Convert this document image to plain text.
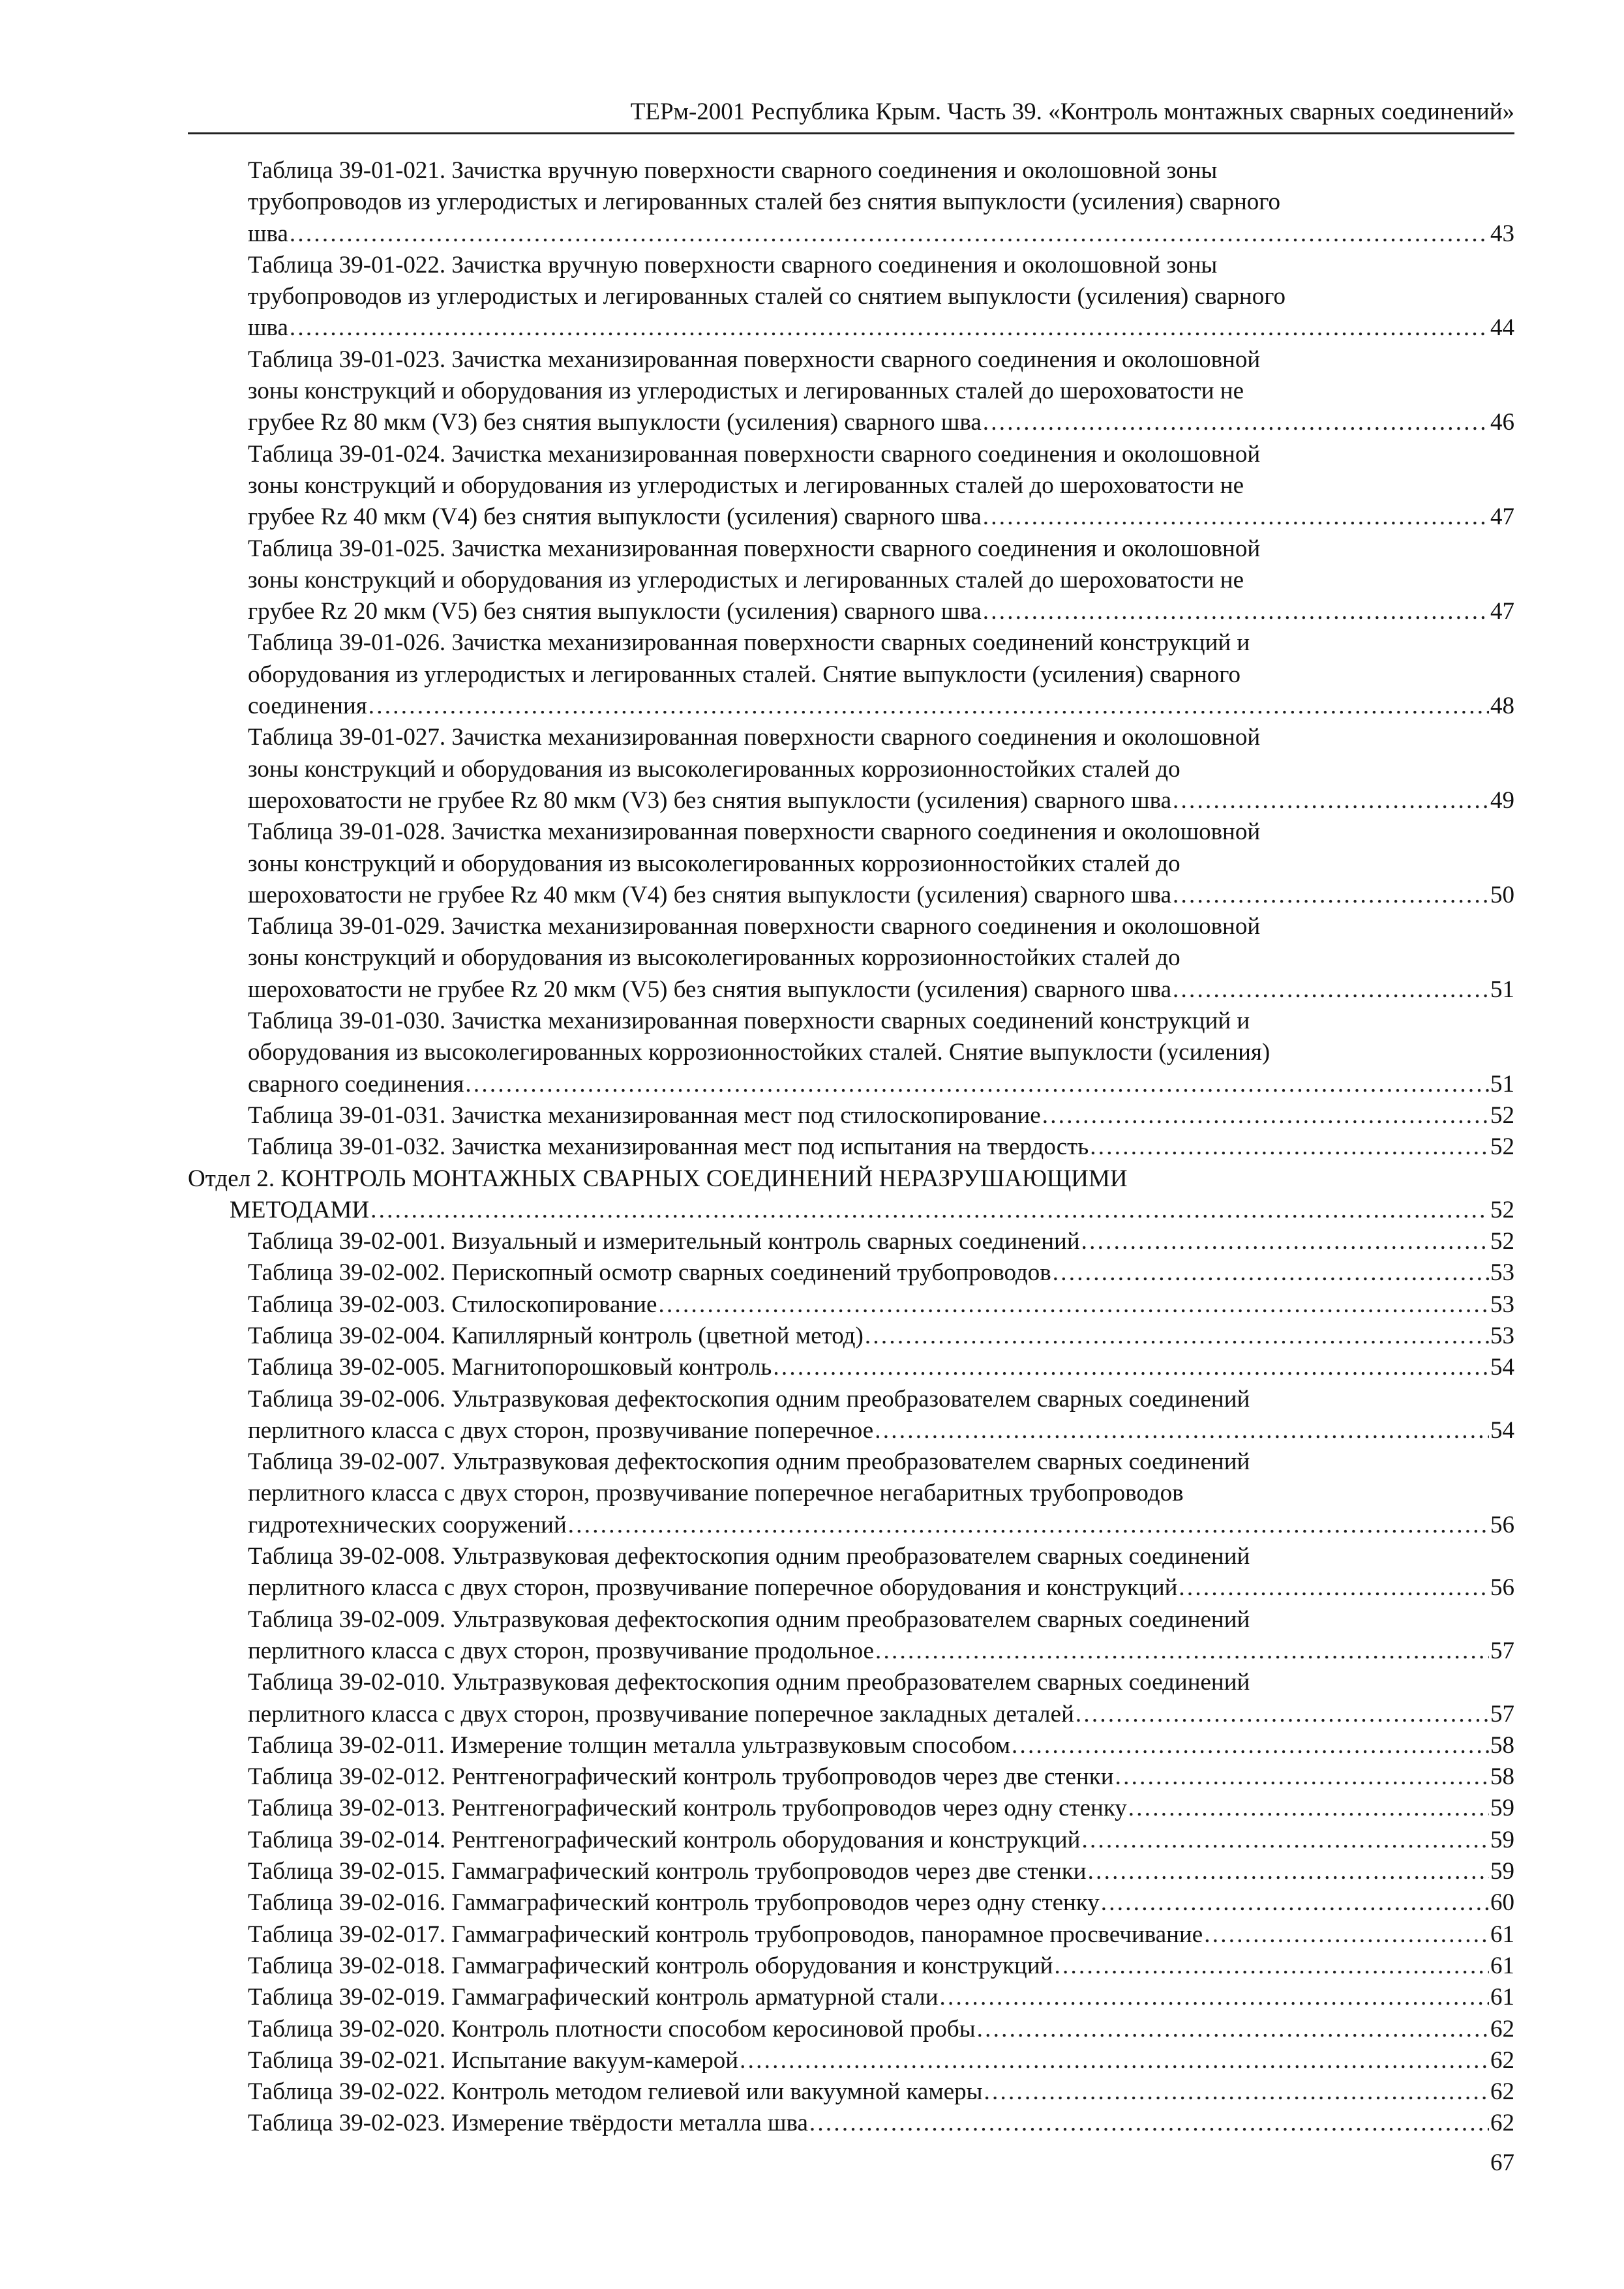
ТЕРм-2001 Республика Крым. Часть 39. «Контроль монтажных сварных соединений»
Таблица 39-01-021. Зачистка вручную поверхности сварного соединения и околошовной зоны
трубопроводов из углеродистых и легированных сталей без снятия выпуклости (усиления) сварного
шва . . .	43
Таблица 39-01-022. Зачистка вручную поверхности сварного соединения и околошовной зоны
трубопроводов из углеродистых и легированных сталей со снятием выпуклости (усиления) сварного
шва . . .	44
Таблица 39-01-023. Зачистка механизированная поверхности сварного соединения и околошовной
зоны конструкций и оборудования из углеродистых и легированных сталей до шероховатости не
грубее Rz 80 мкм (V3) без снятия выпуклости (усиления) сварного шва . . .	46
Таблица 39-01-024. Зачистка механизированная поверхности сварного соединения и околошовной
зоны конструкций и оборудования из углеродистых и легированных сталей до шероховатости не
грубее Rz 40 мкм (V4) без снятия выпуклости (усиления) сварного шва . . .	47
Таблица 39-01-025. Зачистка механизированная поверхности сварного соединения и околошовной
зоны конструкций и оборудования из углеродистых и легированных сталей до шероховатости не
грубее Rz 20 мкм (V5) без снятия выпуклости (усиления) сварного шва . . .	47
Таблица 39-01-026. Зачистка механизированная поверхности сварных соединений конструкций и
оборудования из углеродистых и легированных сталей. Снятие выпуклости (усиления) сварного
соединения . . .	48
Таблица 39-01-027. Зачистка механизированная поверхности сварного соединения и околошовной
зоны конструкций и оборудования из высоколегированных коррозионностойких сталей до
шероховатости не грубее Rz 80 мкм (V3) без снятия выпуклости (усиления) сварного шва . . .	49
Таблица 39-01-028. Зачистка механизированная поверхности сварного соединения и околошовной
зоны конструкций и оборудования из высоколегированных коррозионностойких сталей до
шероховатости не грубее Rz 40 мкм (V4) без снятия выпуклости (усиления) сварного шва . . .	50
Таблица 39-01-029. Зачистка механизированная поверхности сварного соединения и околошовной
зоны конструкций и оборудования из высоколегированных коррозионностойких сталей до
шероховатости не грубее Rz 20 мкм (V5) без снятия выпуклости (усиления) сварного шва . . .	51
Таблица 39-01-030. Зачистка механизированная поверхности сварных соединений конструкций и
оборудования из высоколегированных коррозионностойких сталей. Снятие выпуклости (усиления)
сварного соединения . . .	51
Таблица 39-01-031. Зачистка механизированная мест под стилоскопирование . . .	52
Таблица 39-01-032. Зачистка механизированная мест под испытания на твердость . . .	52
Отдел 2. КОНТРОЛЬ МОНТАЖНЫХ СВАРНЫХ СОЕДИНЕНИЙ НЕРАЗРУШАЮЩИМИ
МЕТОДАМИ . . .	52
Таблица 39-02-001. Визуальный и измерительный контроль сварных соединений . . .	52
Таблица 39-02-002. Перископный осмотр сварных соединений трубопроводов . . .	53
Таблица 39-02-003. Стилоскопирование . . .	53
Таблица 39-02-004. Капиллярный контроль (цветной метод) . . .	53
Таблица 39-02-005. Магнитопорошковый контроль . . .	54
Таблица 39-02-006. Ультразвуковая дефектоскопия одним преобразователем сварных соединений
перлитного класса с двух сторон, прозвучивание поперечное . . .	54
Таблица 39-02-007. Ультразвуковая дефектоскопия одним преобразователем сварных соединений
перлитного класса с двух сторон, прозвучивание поперечное негабаритных трубопроводов
гидротехнических сооружений . . .	56
Таблица 39-02-008. Ультразвуковая дефектоскопия одним преобразователем сварных соединений
перлитного класса с двух сторон, прозвучивание поперечное оборудования и конструкций . . .	56
Таблица 39-02-009. Ультразвуковая дефектоскопия одним преобразователем сварных соединений
перлитного класса с двух сторон, прозвучивание продольное . . .	57
Таблица 39-02-010. Ультразвуковая дефектоскопия одним преобразователем сварных соединений
перлитного класса с двух сторон, прозвучивание поперечное закладных деталей . . .	57
Таблица 39-02-011. Измерение толщин металла ультразвуковым способом . . .	58
Таблица 39-02-012. Рентгенографический контроль трубопроводов через две стенки . . .	58
Таблица 39-02-013. Рентгенографический контроль трубопроводов через одну стенку . . .	59
Таблица 39-02-014. Рентгенографический контроль оборудования и конструкций . . .	59
Таблица 39-02-015. Гаммаграфический контроль трубопроводов через две стенки . . .	59
Таблица 39-02-016. Гаммаграфический контроль трубопроводов через одну стенку . . .	60
Таблица 39-02-017. Гаммаграфический контроль трубопроводов, панорамное просвечивание . . .	61
Таблица 39-02-018. Гаммаграфический контроль оборудования и конструкций . . .	61
Таблица 39-02-019. Гаммаграфический контроль арматурной стали . . .	61
Таблица 39-02-020. Контроль плотности способом керосиновой пробы . . .	62
Таблица 39-02-021. Испытание вакуум-камерой . . .	62
Таблица 39-02-022. Контроль методом гелиевой или вакуумной камеры . . .	62
Таблица 39-02-023. Измерение твёрдости металла шва . . .	62
67
